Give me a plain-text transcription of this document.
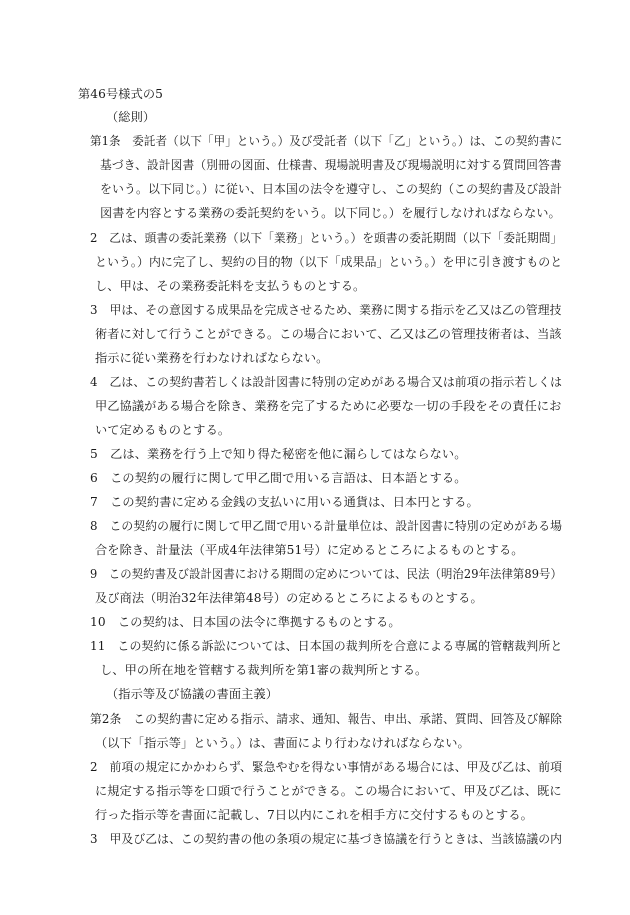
第46号様式の5
（総則）
第1条　委託者（以下「甲」という。）及び受託者（以下「乙」という。）は、この契約書に
基づき、設計図書（別冊の図面、仕様書、現場説明書及び現場説明に対する質問回答書
をいう。以下同じ。）に従い、日本国の法令を遵守し、この契約（この契約書及び設計
図書を内容とする業務の委託契約をいう。以下同じ。）を履行しなければならない。
2　乙は、頭書の委託業務（以下「業務」という。）を頭書の委託期間（以下「委託期間」
という。）内に完了し、契約の目的物（以下「成果品」という。）を甲に引き渡すものと
し、甲は、その業務委託料を支払うものとする。
3　甲は、その意図する成果品を完成させるため、業務に関する指示を乙又は乙の管理技
術者に対して行うことができる。この場合において、乙又は乙の管理技術者は、当該
指示に従い業務を行わなければならない。
4　乙は、この契約書若しくは設計図書に特別の定めがある場合又は前項の指示若しくは
甲乙協議がある場合を除き、業務を完了するために必要な一切の手段をその責任にお
いて定めるものとする。
5　乙は、業務を行う上で知り得た秘密を他に漏らしてはならない。
6　この契約の履行に関して甲乙間で用いる言語は、日本語とする。
7　この契約書に定める金銭の支払いに用いる通貨は、日本円とする。
8　この契約の履行に関して甲乙間で用いる計量単位は、設計図書に特別の定めがある場
合を除き、計量法（平成4年法律第51号）に定めるところによるものとする。
9　この契約書及び設計図書における期間の定めについては、民法（明治29年法律第89号）
及び商法（明治32年法律第48号）の定めるところによるものとする。
10　この契約は、日本国の法令に準拠するものとする。
11　この契約に係る訴訟については、日本国の裁判所を合意による専属的管轄裁判所と
し、甲の所在地を管轄する裁判所を第1審の裁判所とする。
（指示等及び協議の書面主義）
第2条　この契約書に定める指示、請求、通知、報告、申出、承諾、質問、回答及び解除
（以下「指示等」という。）は、書面により行わなければならない。
2　前項の規定にかかわらず、緊急やむを得ない事情がある場合には、甲及び乙は、前項
に規定する指示等を口頭で行うことができる。この場合において、甲及び乙は、既に
行った指示等を書面に記載し、7日以内にこれを相手方に交付するものとする。
3　甲及び乙は、この契約書の他の条項の規定に基づき協議を行うときは、当該協議の内
